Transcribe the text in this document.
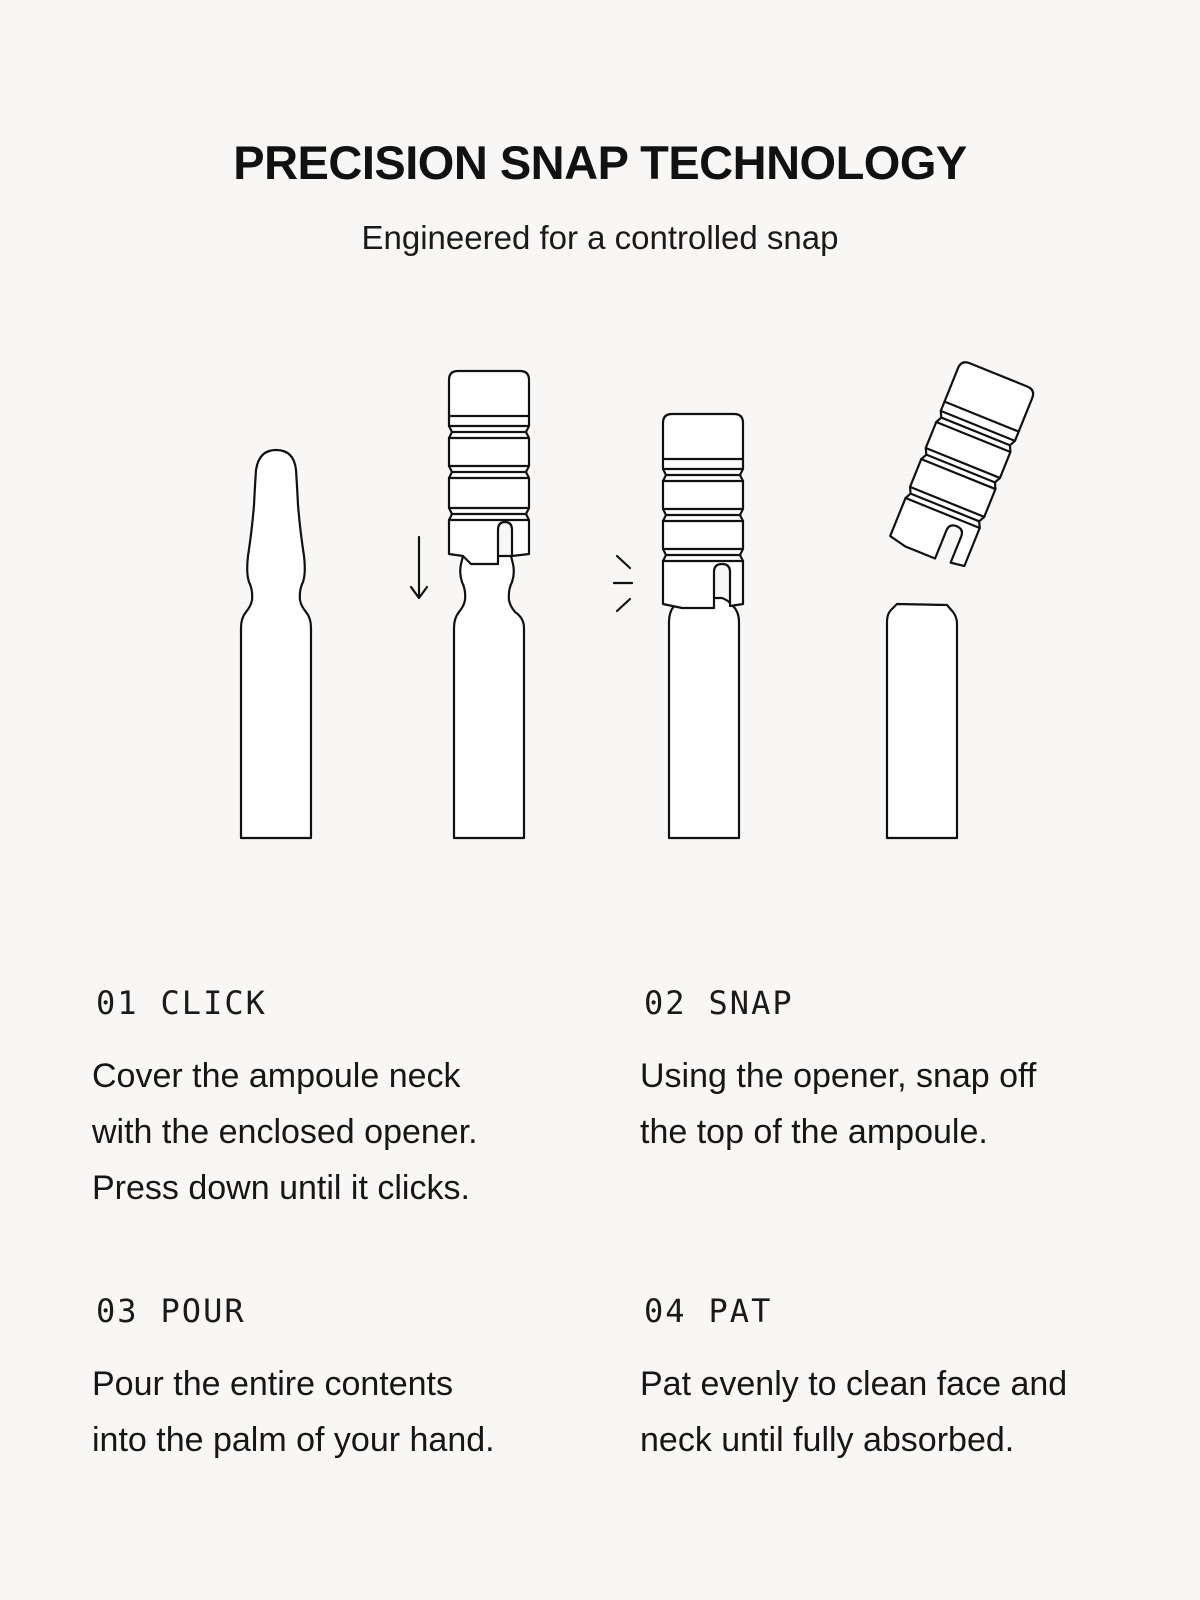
PRECISION SNAP TECHNOLOGY

Engineered for a controlled snap

01 CLICK

Cover the ampoule neck
with the enclosed opener.
Press down until it clicks.

02 SNAP

Using the opener, snap off
the top of the ampoule.

03 POUR

Pour the entire contents
into the palm of your hand.

04 PAT

Pat evenly to clean face and
neck until fully absorbed.
